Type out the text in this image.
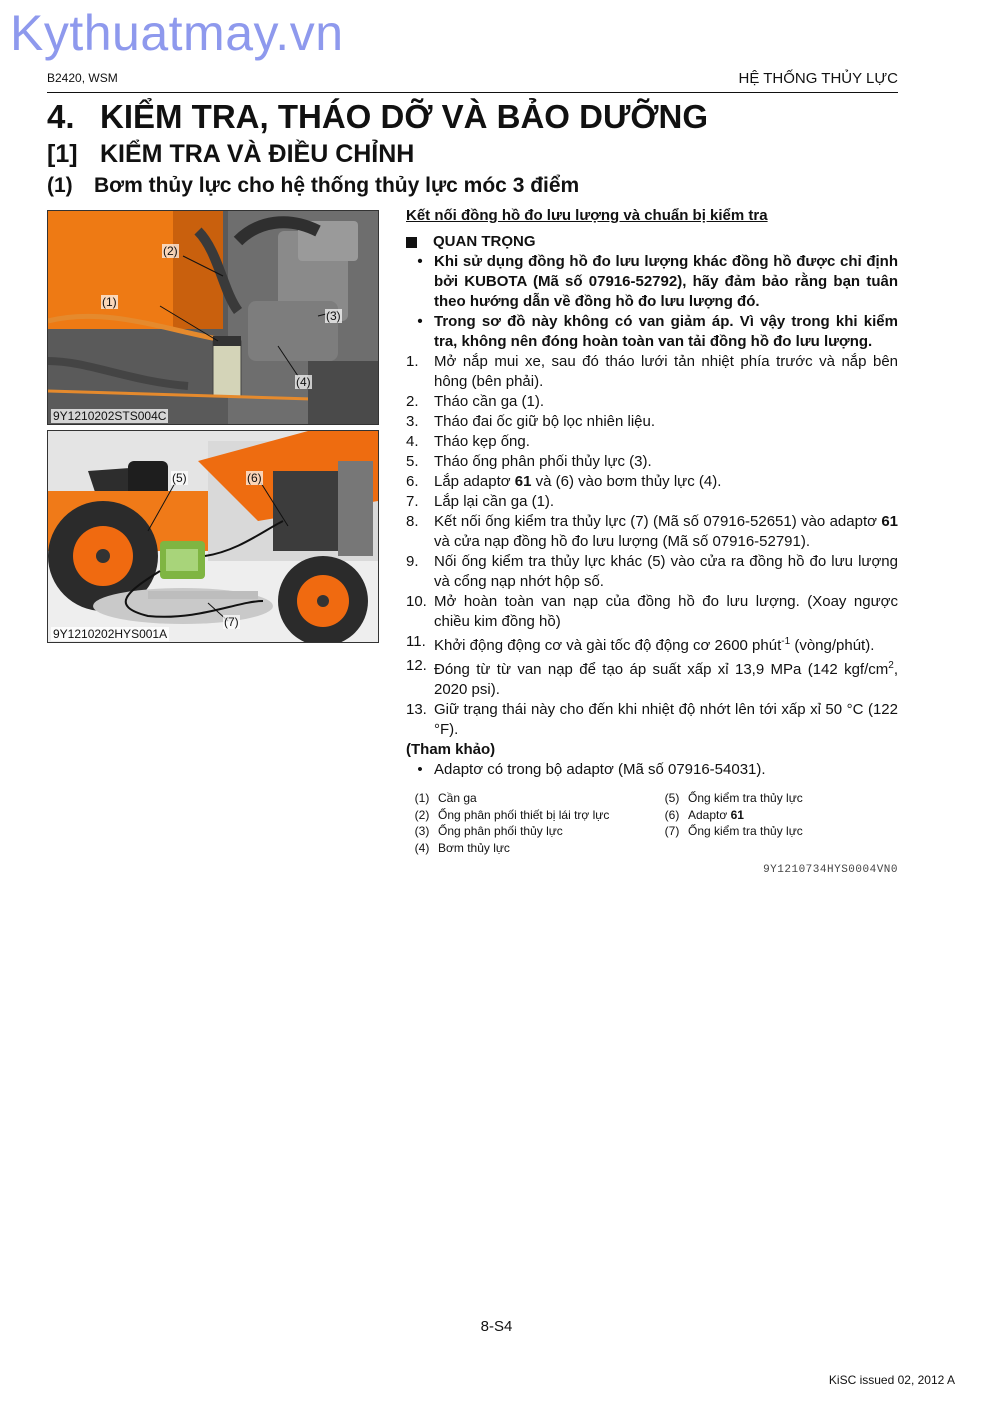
Kythuatmay.vn
B2420, WSM	HỆ THỐNG THỦY LỰC
4. KIỂM TRA, THÁO DỠ VÀ BẢO DƯỠNG
[1] KIỂM TRA VÀ ĐIỀU CHỈNH
(1) Bơm thủy lực cho hệ thống thủy lực móc 3 điểm
(1)
(2)
(3)
(4)
9Y1210202STS004C
(5)	(6)
(7)
9Y1210202HYS001A
Kết nối đồng hồ đo lưu lượng và chuẩn bị kiểm tra
QUAN TRỌNG
• Khi sử dụng đồng hồ đo lưu lượng khác đồng hồ được chỉ định bởi KUBOTA (Mã số 07916-52792), hãy đảm bảo rằng bạn tuân theo hướng dẫn về đồng hồ đo lưu lượng đó.
• Trong sơ đồ này không có van giảm áp. Vì vậy trong khi kiểm tra, không nên đóng hoàn toàn van tải đồng hồ đo lưu lượng.
1.	Mở nắp mui xe, sau đó tháo lưới tản nhiệt phía trước và nắp bên hông (bên phải).
2.	Tháo cần ga (1).
3.	Tháo đai ốc giữ bộ lọc nhiên liệu.
4.	Tháo kẹp ống.
5.	Tháo ống phân phối thủy lực (3).
6.	Lắp adaptơ 61 và (6) vào bơm thủy lực (4).
7.	Lắp lại cần ga (1).
8.	Kết nối ống kiểm tra thủy lực (7) (Mã số 07916-52651) vào adaptơ 61 và cửa nạp đồng hồ đo lưu lượng (Mã số 07916-52791).
9.	Nối ống kiểm tra thủy lực khác (5) vào cửa ra đồng hồ đo lưu lượng và cổng nạp nhớt hộp số.
10. Mở hoàn toàn van nạp của đồng hồ đo lưu lượng. (Xoay ngược chiều kim đồng hồ)
11. Khởi động động cơ và gài tốc độ động cơ 2600 phút$^{-1}$ (vòng/phút).
12. Đóng từ từ van nạp để tạo áp suất xấp xỉ 13,9 MPa (142 kgf/$cm^2$, 2020 psi).
13. Giữ trạng thái này cho đến khi nhiệt độ nhớt lên tới xấp xỉ 50 °C (122 °F).
(Tham khảo)
• Adaptơ có trong bộ adaptơ (Mã số 07916-54031).
(1) Cần ga
(2) Ống phân phối thiết bị lái trợ lực
(3) Ống phân phối thủy lực
(4) Bơm thủy lực
(5) Ống kiểm tra thủy lực
(6) Adaptơ 61
(7) Ống kiểm tra thủy lực
9Y1210734HYS0004VN0
8-S4
KiSC issued 02, 2012 A
